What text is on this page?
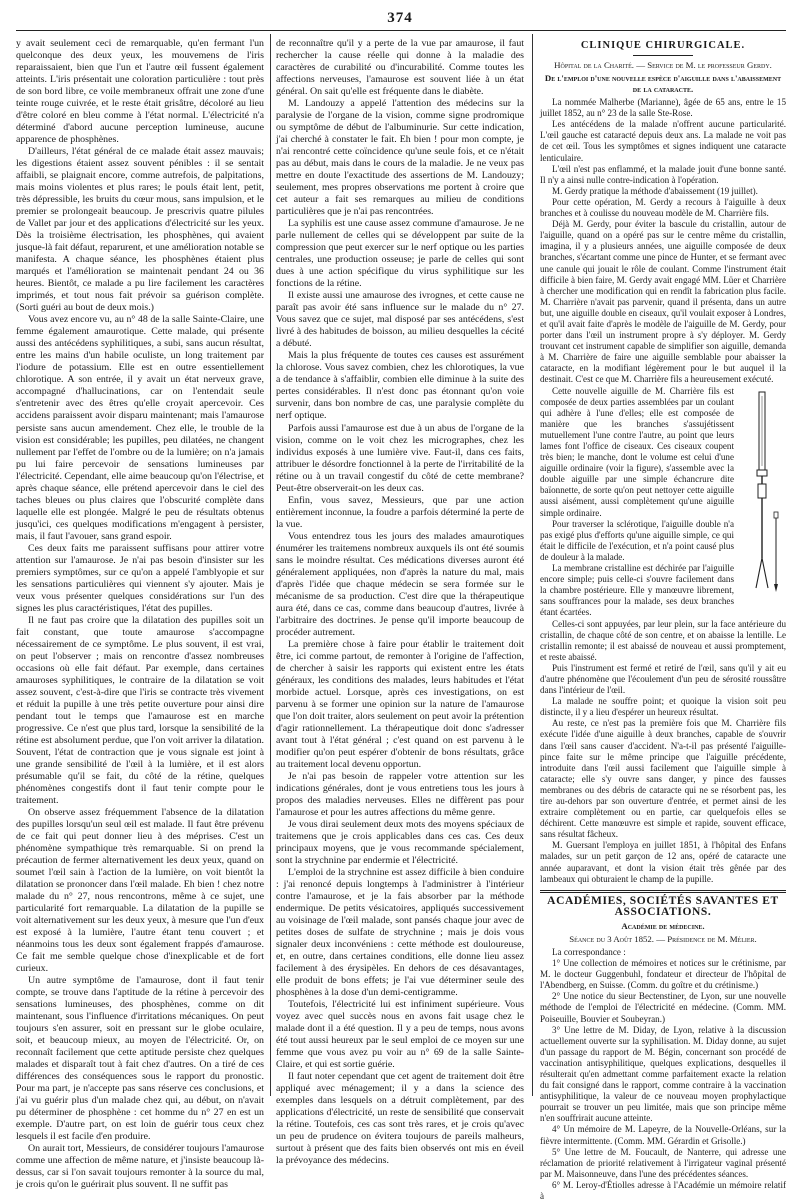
374

y avait seulement ceci de remarquable, qu'en fermant l'un quelconque des deux yeux, les mouvemens de l'iris reparaissaient, bien que l'un et l'autre œil fussent également atteints. L'iris présentait une coloration particulière : tout près de son bord libre, ce voile membraneux offrait une zone d'une teinte rouge cuivrée, et le reste était grisâtre, décoloré au lieu d'être coloré en bleu comme à l'état normal. L'électricité n'a déterminé d'abord aucune perception lumineuse, aucune apparence de phosphènes.

D'ailleurs, l'état général de ce malade était assez mauvais; les digestions étaient assez souvent pénibles : il se sentait affaibli, se plaignait encore, comme autrefois, de palpitations, mais moins violentes et plus rares; le pouls était lent, petit, très dépressible, les bruits du cœur mous, sans impulsion, et le premier se prolongeait beaucoup. Je prescrivis quatre pilules de Vallet par jour et des applications d'électricité sur les yeux. Dès la troisième électrisation, les phosphènes, qui avaient jusque-là fait défaut, reparurent, et une amélioration notable se manifesta. A chaque séance, les phosphènes étaient plus marqués et l'amélioration se maintenait pendant 24 ou 36 heures. Bientôt, ce malade a pu lire facilement les caractères imprimés, et tout nous fait prévoir sa guérison complète. (Sorti guéri au bout de deux mois.)

Vous avez encore vu, au n° 48 de la salle Sainte-Claire, une femme également amaurotique. Cette malade, qui présente aussi des antécédens syphilitiques, a subi, sans aucun résultat, entre les mains d'un habile oculiste, un long traitement par l'iodure de potassium. Elle est en outre essentiellement chlorotique. A son entrée, il y avait un état nerveux grave, accompagné d'hallucinations, car on l'entendait seule s'entretenir avec des êtres qu'elle croyait apercevoir. Ces accidens paraissent avoir disparu maintenant; mais l'amaurose persiste sans aucun amendement. Chez elle, le trouble de la vision est considérable; les pupilles, peu dilatées, ne changent nullement par l'effet de l'ombre ou de la lumière; on n'a jamais pu lui faire percevoir de sensations lumineuses par l'électricité. Cependant, elle aime beaucoup qu'on l'électrise, et après chaque séance, elle prétend apercevoir dans le ciel des taches bleues ou plus claires que l'obscurité complète dans laquelle elle est plongée. Malgré le peu de résultats obtenus jusqu'ici, ces quelques modifications m'engagent à persister, mais, il faut l'avouer, sans grand espoir.

Ces deux faits me paraissent suffisans pour attirer votre attention sur l'amaurose. Je n'ai pas besoin d'insister sur les premiers symptômes, sur ce qu'on a appelé l'amblyopie et sur les sensations particulières qui viennent s'y ajouter. Mais je veux vous présenter quelques considérations sur l'un des signes les plus caractéristiques, l'état des pupilles.

Il ne faut pas croire que la dilatation des pupilles soit un fait constant, que toute amaurose s'accompagne nécessairement de ce symptôme. Le plus souvent, il est vrai, on peut l'observer ; mais on rencontre d'assez nombreuses occasions où elle fait défaut. Par exemple, dans certaines amauroses syphilitiques, le contraire de la dilatation se voit assez souvent, c'est-à-dire que l'iris se contracte très vivement et réduit la pupille à une très petite ouverture pour ainsi dire pendant tout le temps que l'amaurose est en marche progressive. Ce n'est que plus tard, lorsque la sensibilité de la rétine est absolument perdue, que l'on voit arriver la dilatation. Souvent, l'état de contraction que je vous signale est joint à une grande sensibilité de l'œil à la lumière, et il est alors présumable qu'il se fait, du côté de la rétine, quelques phénomènes congestifs dont il faut tenir compte pour le traitement.

On observe assez fréquemment l'absence de la dilatation des pupilles lorsqu'un seul œil est malade. Il faut être prévenu de ce fait qui peut donner lieu à des méprises. C'est un phénomène sympathique très remarquable. Si on prend la précaution de fermer alternativement les deux yeux, quand on soumet l'œil sain à l'action de la lumière, on voit bientôt la dilatation se prononcer dans l'œil malade. Eh bien ! chez notre malade du n° 27, nous rencontrons, même à ce sujet, une particularité fort remarquable. La dilatation de la pupille se voit alternativement sur les deux yeux, à mesure que l'un d'eux est exposé à la lumière, l'autre étant tenu couvert ; et néanmoins tous les deux sont également frappés d'amaurose. Ce fait me semble quelque chose d'inexplicable et de fort curieux.

Un autre symptôme de l'amaurose, dont il faut tenir compte, se trouve dans l'aptitude de la rétine à percevoir des sensations lumineuses, des phosphènes, comme on dit maintenant, sous l'influence d'irritations mécaniques. On peut toujours s'en assurer, soit en pressant sur le globe oculaire, soit, et beaucoup mieux, au moyen de l'électricité. Or, on reconnaît facilement que cette aptitude persiste chez quelques malades et disparaît tout à fait chez d'autres. On a tiré de ces différences des conséquences sous le rapport du pronostic. Pour ma part, je n'accepte pas sans réserve ces conclusions, et j'ai vu guérir plus d'un malade chez qui, au début, on n'avait pu déterminer de phosphène : cet homme du n° 27 en est un exemple. D'autre part, on est loin de guérir tous ceux chez lesquels il est facile d'en produire.

On aurait tort, Messieurs, de considérer toujours l'amaurose comme une affection de même nature, et j'insiste beaucoup là-dessus, car si l'on savait toujours remonter à la source du mal, je crois qu'on le guérirait plus souvent. Il ne suffit pas

de reconnaître qu'il y a perte de la vue par amaurose, il faut rechercher la cause réelle qui donne à la maladie des caractères de curabilité ou d'incurabilité. Comme toutes les affections nerveuses, l'amaurose est souvent liée à un état général. On sait qu'elle est fréquente dans le diabète.

M. Landouzy a appelé l'attention des médecins sur la paralysie de l'organe de la vision, comme signe prodromique ou symptôme de début de l'albuminurie. Sur cette indication, j'ai cherché à constater le fait. Eh bien ! pour mon compte, je n'ai rencontré cette coïncidence qu'une seule fois, et ce n'était pas au début, mais dans le cours de la maladie. Je ne veux pas mettre en doute l'exactitude des assertions de M. Landouzy; seulement, mes propres observations me portent à croire que cet auteur a fait ses remarques au milieu de conditions particulières que je n'ai pas rencontrées.

La syphilis est une cause assez commune d'amaurose. Je ne parle nullement de celles qui se développent par suite de la compression que peut exercer sur le nerf optique ou les parties centrales, une production osseuse; je parle de celles qui sont dues à une action spécifique du virus syphilitique sur les fonctions de la rétine.

Il existe aussi une amaurose des ivrognes, et cette cause ne paraît pas avoir été sans influence sur le malade du n° 27. Vous savez que ce sujet, mal disposé par ses antécédens, s'est livré à des habitudes de boisson, au milieu desquelles la cécité a débuté.

Mais la plus fréquente de toutes ces causes est assurément la chlorose. Vous savez combien, chez les chlorotiques, la vue a de tendance à s'affaiblir, combien elle diminue à la suite des pertes considérables. Il n'est donc pas étonnant qu'on voie survenir, dans bon nombre de cas, une paralysie complète du nerf optique.

Parfois aussi l'amaurose est due à un abus de l'organe de la vision, comme on le voit chez les micrographes, chez les individus exposés à une lumière vive. Faut-il, dans ces faits, attribuer le désordre fonctionnel à la perte de l'irritabilité de la rétine ou à un travail congestif du côté de cette membrane? Peut-être observerait-on les deux cas.

Enfin, vous savez, Messieurs, que par une action entièrement inconnue, la foudre a parfois déterminé la perte de la vue.

Vous entendrez tous les jours des malades amaurotiques énumérer les traitemens nombreux auxquels ils ont été soumis sans le moindre résultat. Ces médications diverses auront été généralement appliquées, non d'après la nature du mal, mais d'après l'idée que chaque médecin se sera formée sur le mécanisme de sa production. C'est dire que la thérapeutique aura été, dans ce cas, comme dans beaucoup d'autres, livrée à l'arbitraire des doctrines. Je pense qu'il importe beaucoup de procéder autrement.

La première chose à faire pour établir le traitement doit être, ici comme partout, de remonter à l'origine de l'affection, de chercher à saisir les rapports qui existent entre les états généraux, les conditions des malades, leurs habitudes et l'état morbide actuel. Lorsque, après ces investigations, on est parvenu à se former une opinion sur la nature de l'amaurose que l'on doit traiter, alors seulement on peut avoir la prétention d'agir rationnellement. La thérapeutique doit donc s'adresser avant tout à l'état général ; c'est quand on est parvenu à le modifier qu'on peut espérer d'obtenir de bons résultats, grâce au traitement local devenu opportun.

Je n'ai pas besoin de rappeler votre attention sur les indications générales, dont je vous entretiens tous les jours à propos des maladies nerveuses. Elles ne diffèrent pas pour l'amaurose et pour les autres affections du même genre.

Je vous dirai seulement deux mots des moyens spéciaux de traitemens que je crois applicables dans ces cas. Ces deux principaux moyens, que je vous recommande spécialement, sont la strychnine par endermie et l'électricité.

L'emploi de la strychnine est assez difficile à bien conduire : j'ai renoncé depuis longtemps à l'administrer à l'intérieur contre l'amaurose, et je la fais absorber par la méthode endermique. De petits vésicatoires, appliqués successivement au voisinage de l'œil malade, sont pansés chaque jour avec de petites doses de sulfate de strychnine ; mais je dois vous signaler deux inconvéniens : cette méthode est douloureuse, et, en outre, dans certaines conditions, elle donne lieu assez facilement à des érysipèles. En dehors de ces désavantages, elle produit de bons effets; je l'ai vue déterminer seule des phosphènes à la dose d'un demi-centigramme.

Toutefois, l'électricité lui est infiniment supérieure. Vous voyez avec quel succès nous en avons fait usage chez le malade dont il a été question. Il y a peu de temps, nous avons été tout aussi heureux par le seul emploi de ce moyen sur une femme que vous avez pu voir au n° 69 de la salle Sainte-Claire, et qui est sortie guérie.

Il faut noter cependant que cet agent de traitement doit être appliqué avec ménagement; il y a dans la science des exemples dans lesquels on a détruit complètement, par des applications d'électricité, un reste de sensibilité que conservait la rétine. Toutefois, ces cas sont très rares, et je crois qu'avec un peu de prudence on évitera toujours de pareils malheurs, surtout à présent que des faits bien observés ont mis en éveil la prévoyance des médecins.

CLINIQUE CHIRURGICALE.
Hôpital de la Charité. — Service de M. le professeur Gerdy.
De l'emploi d'une nouvelle espèce d'aiguille dans l'abaissement de la cataracte.

La nommée Malherbe (Marianne), âgée de 65 ans, entre le 15 juillet 1852, au n° 23 de la salle Ste-Rose.

Les antécédens de la malade n'offrent aucune particularité. L'œil gauche est cataracté depuis deux ans. La malade ne voit pas de cet œil. Tous les symptômes et signes indiquent une cataracte lenticulaire.

L'œil n'est pas enflammé, et la malade jouit d'une bonne santé. Il n'y a ainsi nulle contre-indication à l'opération.

M. Gerdy pratique la méthode d'abaissement (19 juillet).

Pour cette opération, M. Gerdy a recours à l'aiguille à deux branches et à coulisse du nouveau modèle de M. Charrière fils.

Déjà M. Gerdy, pour éviter la bascule du cristallin, autour de l'aiguille, quand on a opéré pas sur le centre même du cristallin, imagina, il y a plusieurs années, une aiguille composée de deux branches, s'écartant comme une pince de Hunter, et se fermant avec une canule qui jouait le rôle de coulant. Comme l'instrument était difficile à bien faire, M. Gerdy avait engagé MM. Lüer et Charrière à chercher une modification qui en rendît la fabrication plus facile. M. Charrière n'avait pas parvenir, quand il présenta, dans un autre but, une aiguille double en ciseaux, qu'il voulait exposer à Londres, et qu'il avait faite d'après le modèle de l'aiguille de M. Gerdy, pour porter dans l'œil un instrument propre à s'y déployer. M. Gerdy trouvant cet instrument capable de simplifier son aiguille, demanda à M. Charrière de faire une aiguille semblable pour abaisser la cataracte, en la modifiant légèrement pour le but auquel il la destinait. C'est ce que M. Charrière fils a heureusement exécuté.

Cette nouvelle aiguille de M. Charrière fils est composée de deux parties assemblées par un coulant qui adhère à l'une d'elles; elle est composée de manière que les branches s'assujétissent mutuellement l'une contre l'autre, au point que leurs lames font l'office de ciseaux. Ces ciseaux coupent très bien; le manche, dont le volume est celui d'une aiguille ordinaire (voir la figure), s'assemble avec la double aiguille par une simple échancrure dite baïonnette, de sorte qu'on peut nettoyer cette aiguille aussi aisément, aussi complètement qu'une aiguille simple ordinaire.

Pour traverser la sclérotique, l'aiguille double n'a pas exigé plus d'efforts qu'une aiguille simple, ce qui était le difficile de l'exécution, et n'a point causé plus de douleur à la malade.

La membrane cristalline est déchirée par l'aiguille encore simple; puis celle-ci s'ouvre facilement dans la chambre postérieure. Elle y manœuvre librement, sans souffrances pour la malade, ses deux branches étant écartées.

Celles-ci sont appuyées, par leur plein, sur la face antérieure du cristallin, de chaque côté de son centre, et on abaisse la lentille. Le cristallin remonte; il est abaissé de nouveau et aussi promptement, et reste abaissé.

Puis l'instrument est fermé et retiré de l'œil, sans qu'il y ait eu d'autre phénomène que l'écoulement d'un peu de sérosité roussâtre dans l'intérieur de l'œil.

La malade ne souffre point; et quoique la vision soit peu distincte, il y a lieu d'espérer un heureux résultat.

Au reste, ce n'est pas la première fois que M. Charrière fils exécute l'idée d'une aiguille à deux branches, capable de s'ouvrir dans l'œil sans causer d'accident. N'a-t-il pas présenté l'aiguille-pince faite sur le même principe que l'aiguille précédente, introduite dans l'œil aussi facilement que l'aiguille simple à cataracte; elle s'y ouvre sans danger, y pince des fausses membranes ou des débris de cataracte qui ne se résorbent pas, les tire au-dehors par son ouverture d'entrée, et permet ainsi de les extraire complètement ou en partie, car quelquefois elles se déchirent. Cette manœuvre est simple et rapide, souvent efficace, sans résultat fâcheux.

M. Guersant l'employa en juillet 1851, à l'hôpital des Enfans malades, sur un petit garçon de 12 ans, opéré de cataracte une année auparavant, et dont la vision était très gênée par des lambeaux qui obturaient le champ de la pupille.

ACADÉMIES, SOCIÉTÉS SAVANTES ET ASSOCIATIONS.
Académie de médecine.
Séance du 3 Août 1852. — Présidence de M. Mélier.

La correspondance :

1° Une collection de mémoires et notices sur le crétinisme, par M. le docteur Guggenbuhl, fondateur et directeur de l'hôpital de l'Abendberg, en Suisse. (Comm. du goître et du crétinisme.)

2° Une notice du sieur Bectenstiner, de Lyon, sur une nouvelle méthode de l'emploi de l'électricité en médecine. (Comm. MM. Poiseuille, Bouvier et Soubeyran.)

3° Une lettre de M. Diday, de Lyon, relative à la discussion actuellement ouverte sur la syphilisation. M. Diday donne, au sujet d'un passage du rapport de M. Bégin, concernant son procédé de vaccination antisyphilitique, quelques explications, desquelles il résulterait qu'en admettant comme parfaitement exacte la relation du fait consigné dans le rapport, comme contraire à la vaccination antisyphilitique, la valeur de ce nouveau moyen prophylactique pourrait se trouver un peu limitée, mais que son principe même n'en souffrirait aucune atteinte.

4° Un mémoire de M. Lapeyre, de la Nouvelle-Orléans, sur la fièvre intermittente. (Comm. MM. Gérardin et Grisolle.)

5° Une lettre de M. Foucault, de Nanterre, qui adresse une réclamation de priorité relativement à l'irrigateur vaginal présenté par M. Maisonneuve, dans l'une des précédentes séances.

6° M. Leroy-d'Étiolles adresse à l'Académie un mémoire relatif à
